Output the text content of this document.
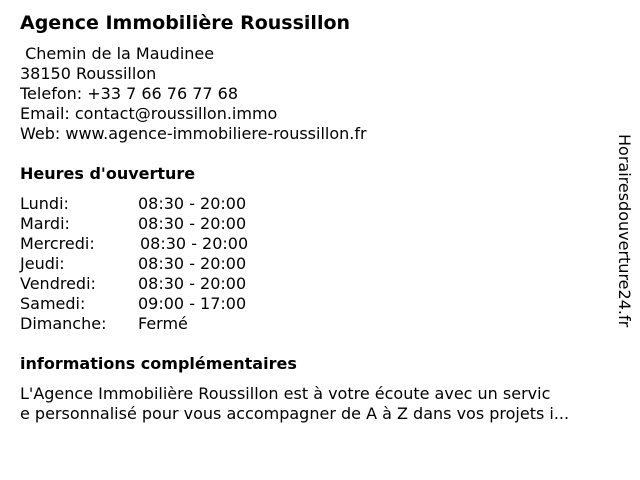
Agence Immobilière Roussillon
Chemin de la Maudinee
38150 Roussillon
Telefon: +33 7 66 76 77 68
Email: contact@roussillon.immo
Web: www.agence-immobiliere-roussillon.fr
Heures d'ouverture
Lundi:	08:30 - 20:00
Mardi:	08:30 - 20:00
Mercredi:	08:30 - 20:00
Jeudi:	08:30 - 20:00
Vendredi:	08:30 - 20:00
Samedi:	09:00 - 17:00
Dimanche: Fermé
informations complémentaires
L'Agence Immobilière Roussillon est à votre écoute avec un servic
e personnalisé pour vous accompagner de A à Z dans vos projets i...
Horairesdouverture24.fr
